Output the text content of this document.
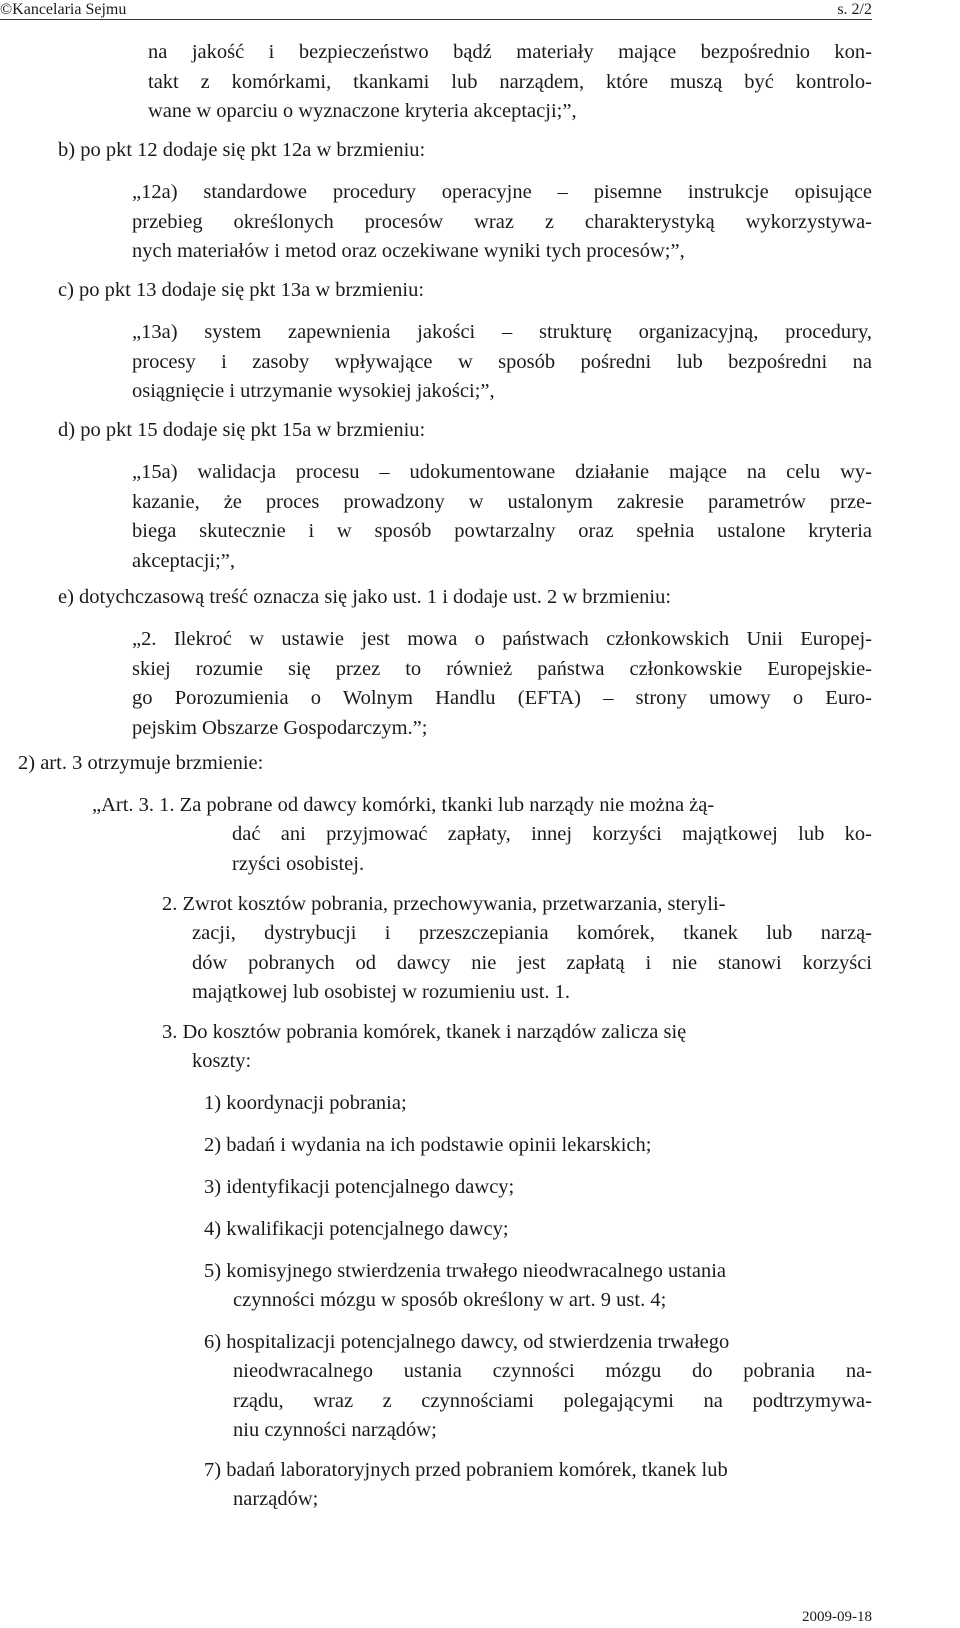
©Kancelaria Sejmu	s. 2/2
na jakość i bezpieczeństwo bądź materiały mające bezpośrednio kon-
takt z komórkami, tkankami lub narządem, które muszą być kontrolo-
wane w oparciu o wyznaczone kryteria akceptacji;”,
b) po pkt 12 dodaje się pkt 12a w brzmieniu:
„12a) standardowe procedury operacyjne – pisemne instrukcje opisujące
przebieg określonych procesów wraz z charakterystyką wykorzystywa-
nych materiałów i metod oraz oczekiwane wyniki tych procesów;”,
c) po pkt 13 dodaje się pkt 13a w brzmieniu:
„13a) system zapewnienia jakości – strukturę organizacyjną, procedury,
procesy i zasoby wpływające w sposób pośredni lub bezpośredni na
osiągnięcie i utrzymanie wysokiej jakości;”,
d) po pkt 15 dodaje się pkt 15a w brzmieniu:
„15a) walidacja procesu – udokumentowane działanie mające na celu wy-
kazanie, że proces prowadzony w ustalonym zakresie parametrów prze-
biega skutecznie i w sposób powtarzalny oraz spełnia ustalone kryteria
akceptacji;”,
e) dotychczasową treść oznacza się jako ust. 1 i dodaje ust. 2 w brzmieniu:
„2. Ilekroć w ustawie jest mowa o państwach członkowskich Unii Europej-
skiej rozumie się przez to również państwa członkowskie Europejskie-
go Porozumienia o Wolnym Handlu (EFTA) – strony umowy o Euro-
pejskim Obszarze Gospodarczym.”;
2) art. 3 otrzymuje brzmienie:
„Art. 3. 1. Za pobrane od dawcy komórki, tkanki lub narządy nie można żą-
dać ani przyjmować zapłaty, innej korzyści majątkowej lub ko-
rzyści osobistej.
2. Zwrot kosztów pobrania, przechowywania, przetwarzania, steryli-
zacji, dystrybucji i przeszczepiania komórek, tkanek lub narzą-
dów pobranych od dawcy nie jest zapłatą i nie stanowi korzyści
majątkowej lub osobistej w rozumieniu ust. 1.
3. Do kosztów pobrania komórek, tkanek i narządów zalicza się
koszty:
1) koordynacji pobrania;
2) badań i wydania na ich podstawie opinii lekarskich;
3) identyfikacji potencjalnego dawcy;
4) kwalifikacji potencjalnego dawcy;
5) komisyjnego stwierdzenia trwałego nieodwracalnego ustania
czynności mózgu w sposób określony w art. 9 ust. 4;
6) hospitalizacji potencjalnego dawcy, od stwierdzenia trwałego
nieodwracalnego ustania czynności mózgu do pobrania na-
rządu, wraz z czynnościami polegającymi na podtrzymywa-
niu czynności narządów;
7) badań laboratoryjnych przed pobraniem komórek, tkanek lub
narządów;
2009-09-18
